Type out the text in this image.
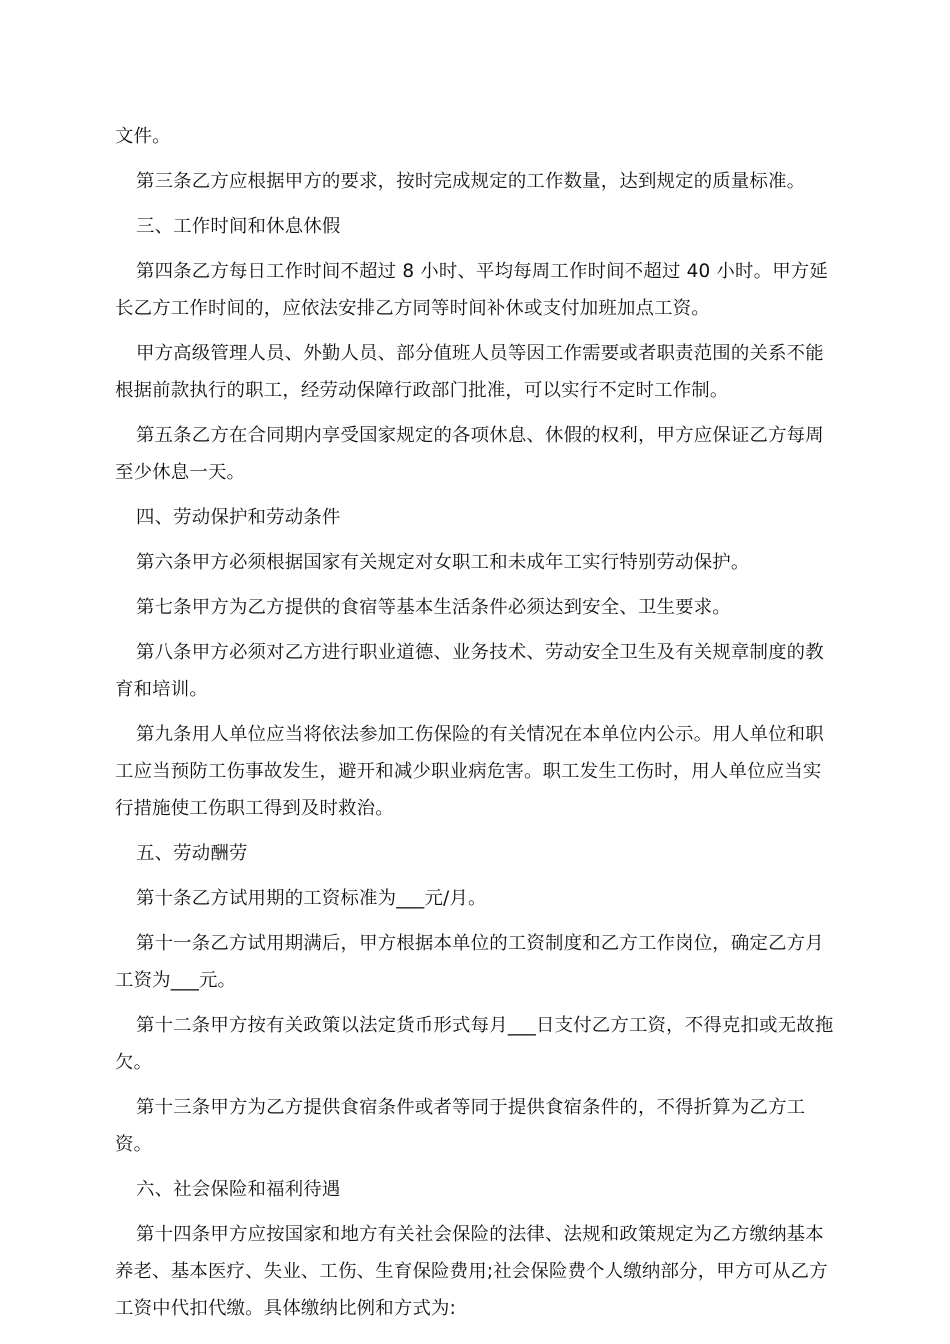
文件。

第三条乙方应根据甲方的要求，按时完成规定的工作数量，达到规定的质量标准。

三、工作时间和休息休假

第四条乙方每日工作时间不超过 8 小时、平均每周工作时间不超过 40 小时。甲方延长乙方工作时间的，应依法安排乙方同等时间补休或支付加班加点工资。

甲方高级管理人员、外勤人员、部分值班人员等因工作需要或者职责范围的关系不能根据前款执行的职工，经劳动保障行政部门批准，可以实行不定时工作制。

第五条乙方在合同期内享受国家规定的各项休息、休假的权利，甲方应保证乙方每周至少休息一天。

四、劳动保护和劳动条件

第六条甲方必须根据国家有关规定对女职工和未成年工实行特别劳动保护。

第七条甲方为乙方提供的食宿等基本生活条件必须达到安全、卫生要求。

第八条甲方必须对乙方进行职业道德、业务技术、劳动安全卫生及有关规章制度的教育和培训。

第九条用人单位应当将依法参加工伤保险的有关情况在本单位内公示。用人单位和职工应当预防工伤事故发生，避开和减少职业病危害。职工发生工伤时，用人单位应当实行措施使工伤职工得到及时救治。

五、劳动酬劳

第十条乙方试用期的工资标准为___元/月。

第十一条乙方试用期满后，甲方根据本单位的工资制度和乙方工作岗位，确定乙方月工资为___元。

第十二条甲方按有关政策以法定货币形式每月___日支付乙方工资，不得克扣或无故拖欠。

第十三条甲方为乙方提供食宿条件或者等同于提供食宿条件的，不得折算为乙方工资。

六、社会保险和福利待遇

第十四条甲方应按国家和地方有关社会保险的法律、法规和政策规定为乙方缴纳基本养老、基本医疗、失业、工伤、生育保险费用;社会保险费个人缴纳部分，甲方可从乙方工资中代扣代缴。具体缴纳比例和方式为:
